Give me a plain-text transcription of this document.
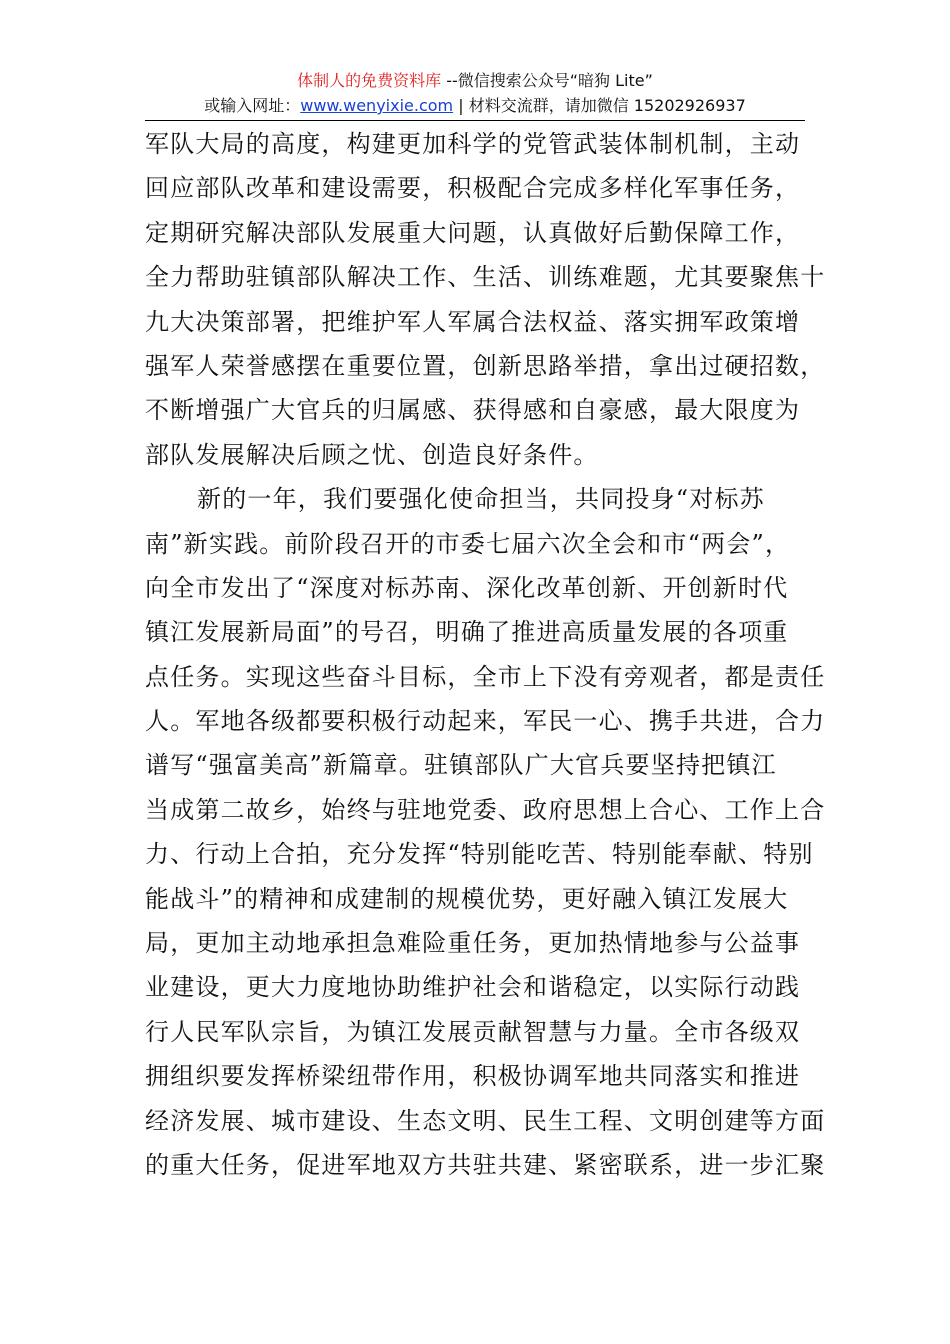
体制人的免费资料库 --微信搜索公众号“暗狗 Lite”
或输入网址：www.wenyixie.com | 材料交流群，请加微信 15202926937
军队大局的高度，构建更加科学的党管武装体制机制，主动
回应部队改革和建设需要，积极配合完成多样化军事任务，
定期研究解决部队发展重大问题，认真做好后勤保障工作，
全力帮助驻镇部队解决工作、生活、训练难题，尤其要聚焦十
九大决策部署，把维护军人军属合法权益、落实拥军政策增
强军人荣誉感摆在重要位置，创新思路举措，拿出过硬招数，
不断增强广大官兵的归属感、获得感和自豪感，最大限度为
部队发展解决后顾之忧、创造良好条件。
新的一年，我们要强化使命担当，共同投身“对标苏
南”新实践。前阶段召开的市委七届六次全会和市“两会”，
向全市发出了“深度对标苏南、深化改革创新、开创新时代
镇江发展新局面”的号召，明确了推进高质量发展的各项重
点任务。实现这些奋斗目标，全市上下没有旁观者，都是责任
人。军地各级都要积极行动起来，军民一心、携手共进，合力
谱写“强富美高”新篇章。驻镇部队广大官兵要坚持把镇江
当成第二故乡，始终与驻地党委、政府思想上合心、工作上合
力、行动上合拍，充分发挥“特别能吃苦、特别能奉献、特别
能战斗”的精神和成建制的规模优势，更好融入镇江发展大
局，更加主动地承担急难险重任务，更加热情地参与公益事
业建设，更大力度地协助维护社会和谐稳定，以实际行动践
行人民军队宗旨，为镇江发展贡献智慧与力量。全市各级双
拥组织要发挥桥梁纽带作用，积极协调军地共同落实和推进
经济发展、城市建设、生态文明、民生工程、文明创建等方面
的重大任务，促进军地双方共驻共建、紧密联系，进一步汇聚
